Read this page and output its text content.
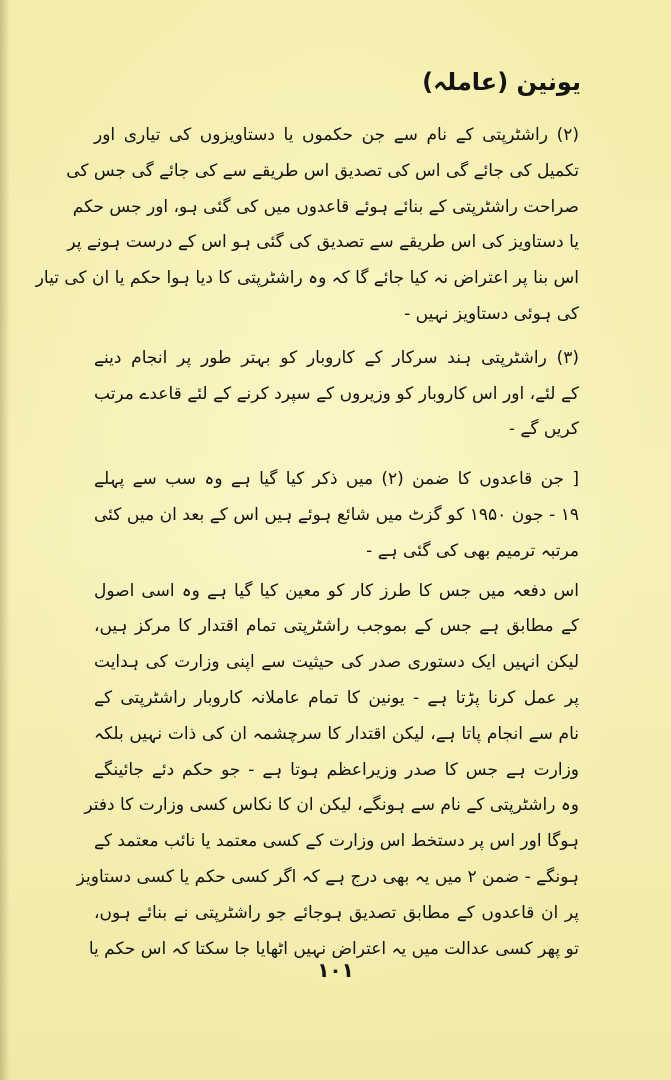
یونین (عاملہ)
(۲) راشٹرپتی کے نام سے جن حکموں یا دستاویزوں کی تیاری اور
تکمیل کی جائے گی اس کی تصدیق اس طریقے سے کی جائے گی جس کی
صراحت راشٹرپتی کے بنائے ہوئے قاعدوں میں کی گئی ہو، اور جس حکم
یا دستاویز کی اس طریقے سے تصدیق کی گئی ہو اس کے درست ہونے پر
اس بنا پر اعتراض نہ کیا جائے گا کہ وہ راشٹرپتی کا دیا ہوا حکم یا ان کی تیار
کی ہوئی دستاویز نہیں -
(۳) راشٹرپتی ہند سرکار کے کاروبار کو بہتر طور پر انجام دینے
کے لئے، اور اس کاروبار کو وزیروں کے سپرد کرنے کے لئے قاعدے مرتب
کریں گے -
[ جن قاعدوں کا ضمن (۲) میں ذکر کیا گیا ہے وہ سب سے پہلے
۱۹ - جون ۱۹۵۰ کو گزٹ میں شائع ہوئے ہیں اس کے بعد ان میں کئی
مرتبہ ترمیم بھی کی گئی ہے -
اس دفعہ میں جس کا طرز کار کو معین کیا گیا ہے وہ اسی اصول
کے مطابق ہے جس کے بموجب راشٹرپتی تمام اقتدار کا مرکز ہیں،
لیکن انہیں ایک دستوری صدر کی حیثیت سے اپنی وزارت کی ہدایت
پر عمل کرنا پڑتا ہے - یونین کا تمام عاملانہ کاروبار راشٹرپتی کے
نام سے انجام پاتا ہے، لیکن اقتدار کا سرچشمہ ان کی ذات نہیں بلکہ
وزارت ہے جس کا صدر وزیراعظم ہوتا ہے - جو حکم دئے جائینگے
وہ راشٹرپتی کے نام سے ہونگے، لیکن ان کا نکاس کسی وزارت کا دفتر
ہوگا اور اس پر دستخط اس وزارت کے کسی معتمد یا نائب معتمد کے
ہونگے - ضمن ۲ میں یہ بھی درج ہے کہ اگر کسی حکم یا کسی دستاویز
پر ان قاعدوں کے مطابق تصدیق ہوجائے جو راشٹرپتی نے بنائے ہوں،
تو پھر کسی عدالت میں یہ اعتراض نہیں اٹھایا جا سکتا کہ اس حکم یا
۱۰۱
